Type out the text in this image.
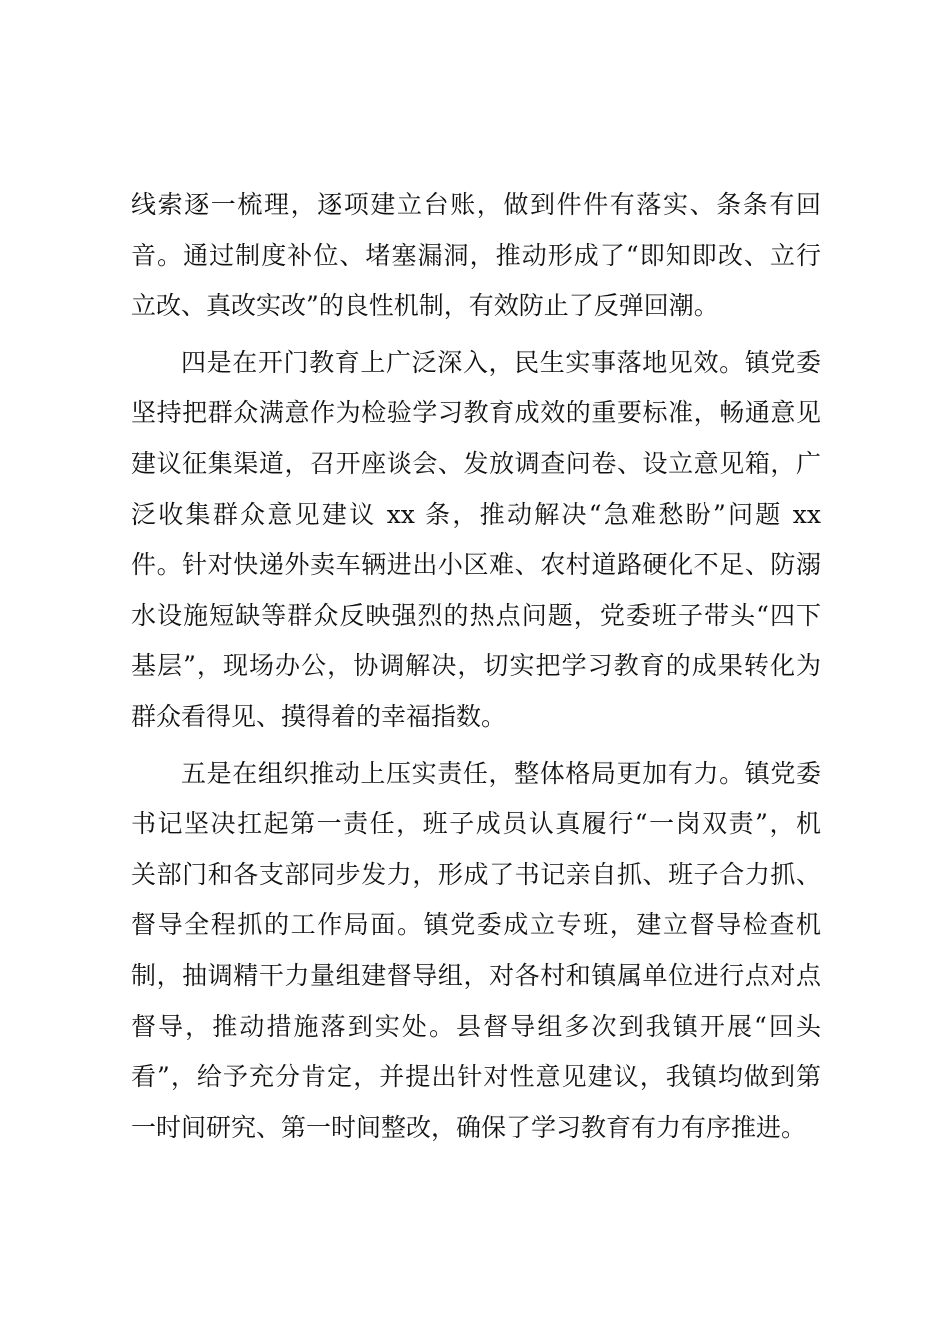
线索逐一梳理，逐项建立台账，做到件件有落实、条条有回
音。通过制度补位、堵塞漏洞，推动形成了“即知即改、立行
立改、真改实改”的良性机制，有效防止了反弹回潮。
四是在开门教育上广泛深入，民生实事落地见效。镇党委
坚持把群众满意作为检验学习教育成效的重要标准，畅通意见
建议征集渠道，召开座谈会、发放调查问卷、设立意见箱，广
泛收集群众意见建议 xx 条，推动解决“急难愁盼”问题 xx
件。针对快递外卖车辆进出小区难、农村道路硬化不足、防溺
水设施短缺等群众反映强烈的热点问题，党委班子带头“四下
基层”，现场办公，协调解决，切实把学习教育的成果转化为
群众看得见、摸得着的幸福指数。
五是在组织推动上压实责任，整体格局更加有力。镇党委
书记坚决扛起第一责任，班子成员认真履行“一岗双责”，机
关部门和各支部同步发力，形成了书记亲自抓、班子合力抓、
督导全程抓的工作局面。镇党委成立专班，建立督导检查机
制，抽调精干力量组建督导组，对各村和镇属单位进行点对点
督导，推动措施落到实处。县督导组多次到我镇开展“回头
看”，给予充分肯定，并提出针对性意见建议，我镇均做到第
一时间研究、第一时间整改，确保了学习教育有力有序推进。
